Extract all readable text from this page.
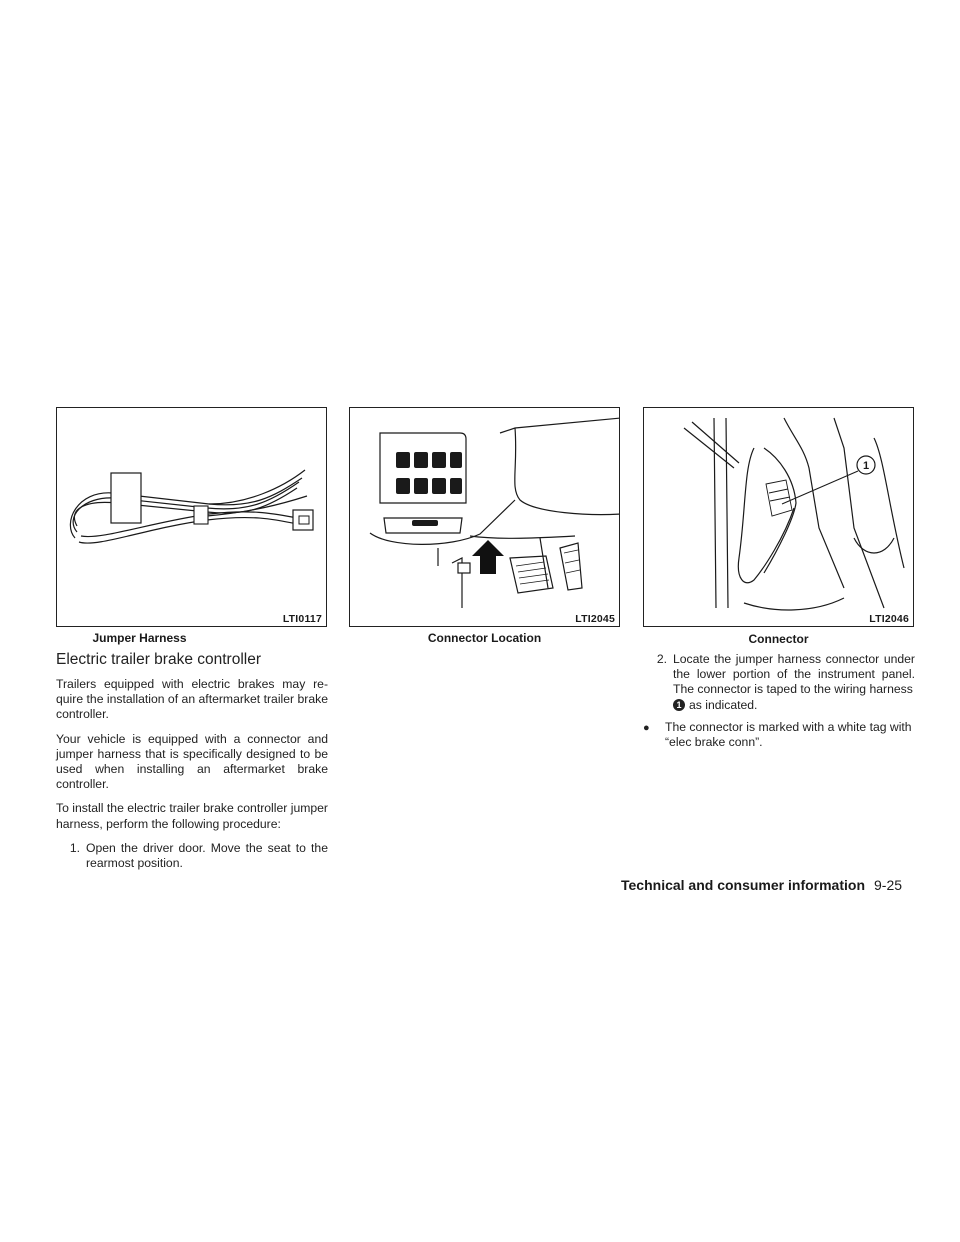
LTI0117
Jumper Harness
LTI2045
Connector Location
1
LTI2046
Connector
Electric trailer brake controller

Trailers equipped with electric brakes may re- quire the installation of an aftermarket trailer brake controller.

Your vehicle is equipped with a connector and jumper harness that is specifically designed to be used when installing an aftermarket brake controller.

To install the electric trailer brake controller jumper harness, perform the following procedure:

1. Open the driver door. Move the seat to the rearmost position.
2. Locate the jumper harness connector under the lower portion of the instrument panel. The connector is taped to the wiring harness
1 as indicated.
●	The connector is marked with a white tag with “elec brake conn”.
Technical and consumer information 9-25
